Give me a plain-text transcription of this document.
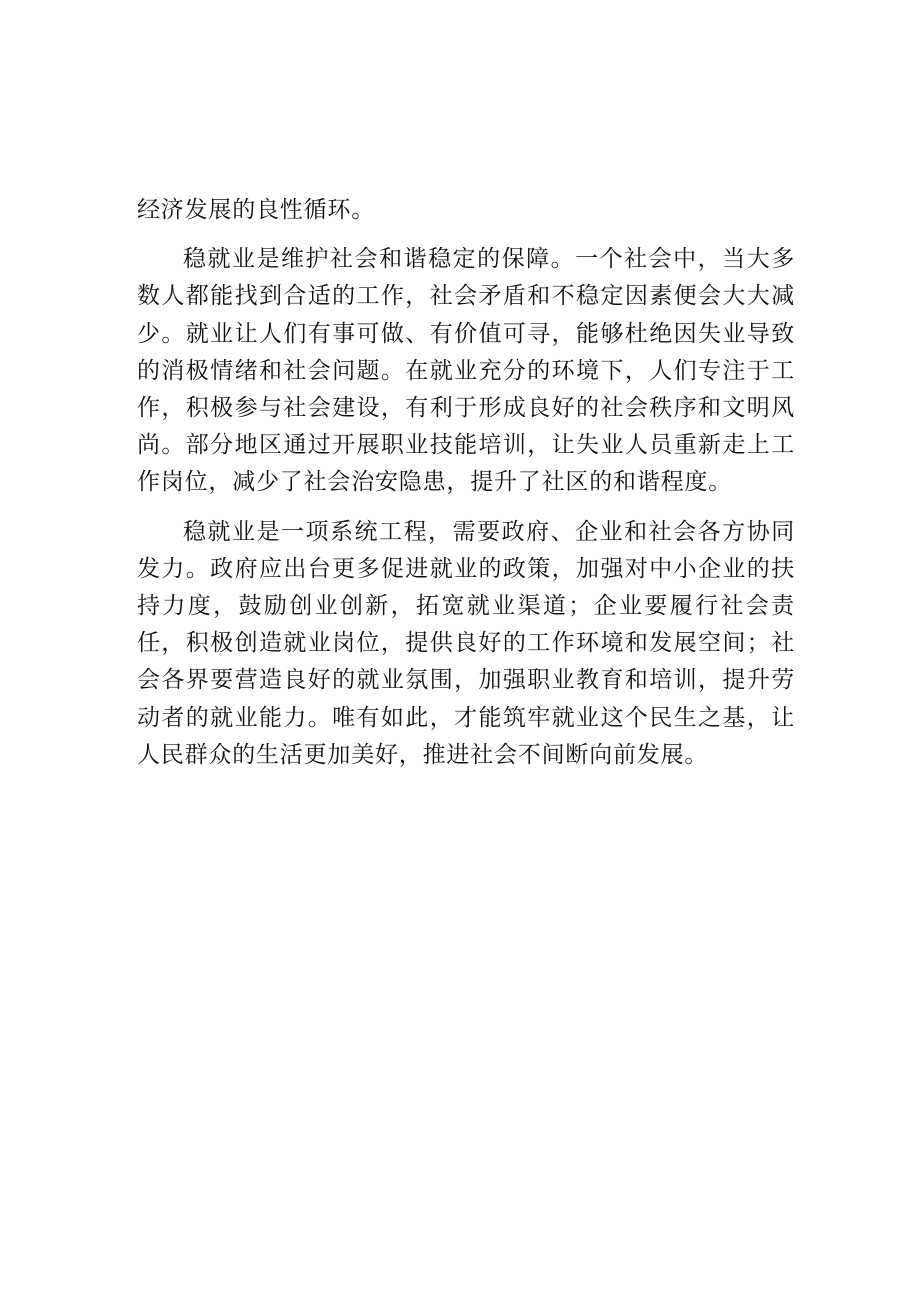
经济发展的良性循环。

稳就业是维护社会和谐稳定的保障。一个社会中，当大多数人都能找到合适的工作，社会矛盾和不稳定因素便会大大减少。就业让人们有事可做、有价值可寻，能够杜绝因失业导致的消极情绪和社会问题。在就业充分的环境下，人们专注于工作，积极参与社会建设，有利于形成良好的社会秩序和文明风尚。部分地区通过开展职业技能培训，让失业人员重新走上工作岗位，减少了社会治安隐患，提升了社区的和谐程度。

稳就业是一项系统工程，需要政府、企业和社会各方协同发力。政府应出台更多促进就业的政策，加强对中小企业的扶持力度，鼓励创业创新，拓宽就业渠道；企业要履行社会责任，积极创造就业岗位，提供良好的工作环境和发展空间；社会各界要营造良好的就业氛围，加强职业教育和培训，提升劳动者的就业能力。唯有如此，才能筑牢就业这个民生之基，让人民群众的生活更加美好，推进社会不间断向前发展。
